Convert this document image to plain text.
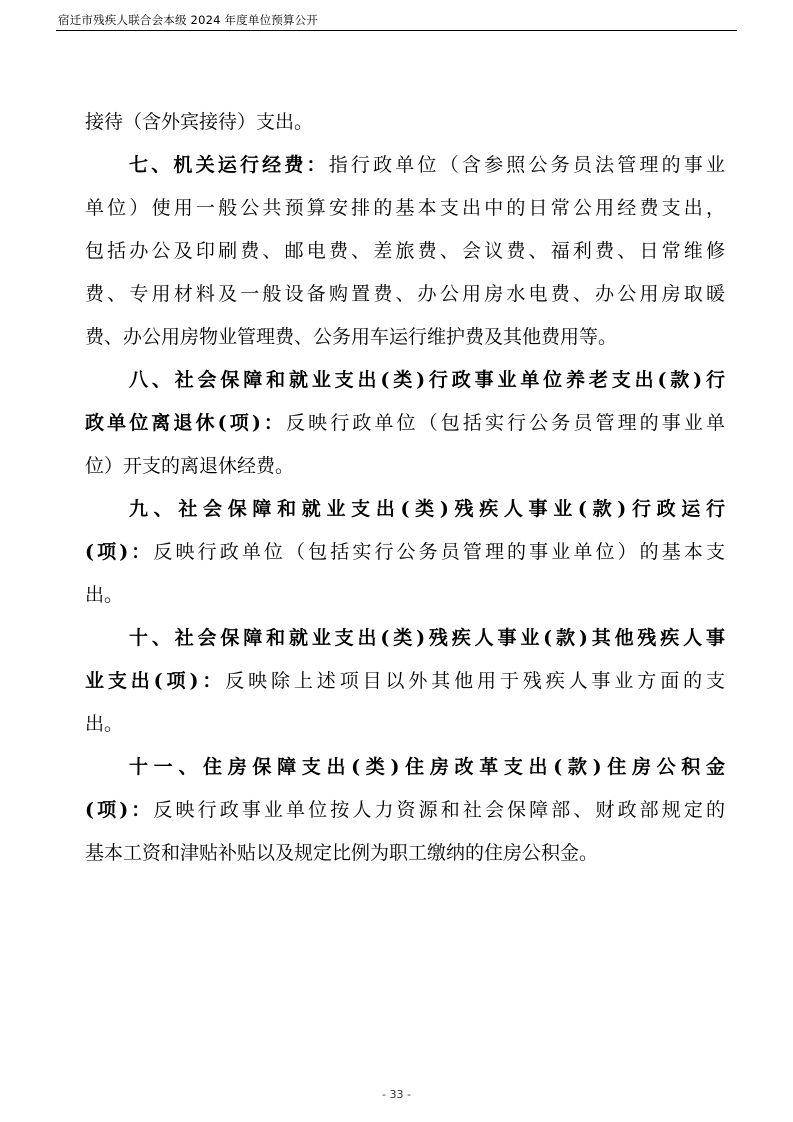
宿迁市残疾人联合会本级 2024 年度单位预算公开
接待（含外宾接待）支出。
七、机关运行经费：指行政单位（含参照公务员法管理的事业
单位）使用一般公共预算安排的基本支出中的日常公用经费支出，
包括办公及印刷费、邮电费、差旅费、会议费、福利费、日常维修
费、专用材料及一般设备购置费、办公用房水电费、办公用房取暖
费、办公用房物业管理费、公务用车运行维护费及其他费用等。
八、社会保障和就业支出(类)行政事业单位养老支出(款)行
政单位离退休(项)：反映行政单位（包括实行公务员管理的事业单
位）开支的离退休经费。
九、社会保障和就业支出(类)残疾人事业(款)行政运行
(项)：反映行政单位（包括实行公务员管理的事业单位）的基本支
出。
十、社会保障和就业支出(类)残疾人事业(款)其他残疾人事
业支出(项)：反映除上述项目以外其他用于残疾人事业方面的支
出。
十一、住房保障支出(类)住房改革支出(款)住房公积金
(项)：反映行政事业单位按人力资源和社会保障部、财政部规定的
基本工资和津贴补贴以及规定比例为职工缴纳的住房公积金。
- 33 -
